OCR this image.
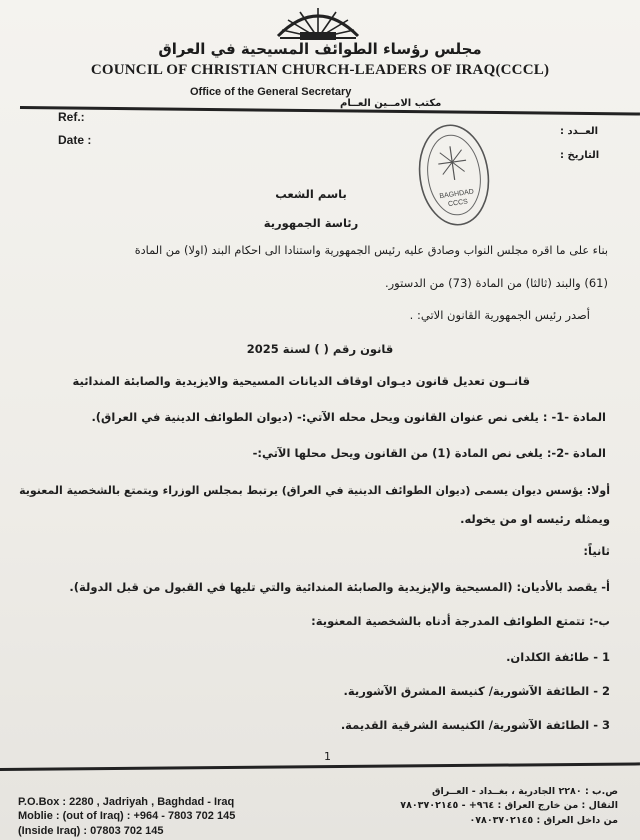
مجلس رؤساء الطوائف المسيحية في العراق
COUNCIL OF CHRISTIAN CHURCH-LEADERS OF IRAQ(CCCL)
Office of the General Secretary
مكتب الامــين العــام
Ref.:
Date :
العــدد :
التاريخ :
BAGHDAD
CCCS
باسم الشعب
رئاسة الجمهورية
بناء على ما اقره مجلس النواب وصادق عليه رئيس الجمهورية واستنادا الى احكام البند (اولا) من المادة
(61) والبند (ثالثا) من المادة (73) من الدستور.
أصدر رئيس الجمهورية القانون الاتي: .
قانون رقم ( ) لسنة 2025
قانــون تعديل قانون ديـوان اوقاف الديانات المسيحية والايزيدية والصابئة المندائية
المادة -1- : يلغى نص عنوان القانون ويحل محله الآتي:- (ديوان الطوائف الدينية في العراق).
المادة -2-: يلغى نص المادة (1) من القانون ويحل محلها الآتي:-
أولا: يؤسس ديوان يسمى (ديوان الطوائف الدينية في العراق) يرتبط بمجلس الوزراء ويتمتع بالشخصية المعنوية
ويمثله رئيسه او من يخوله.
ثانياً:
أ- يقصد بالأديان: (المسيحية والإيزيدية والصابئة المندائية والتي تليها في القبول من قبل الدولة).
ب-: تتمتع الطوائف المدرجة أدناه بالشخصية المعنوية:
1 - طائفة الكلدان.
2 - الطائفة الآشورية/ كنيسة المشرق الآشورية.
3 - الطائفة الآشورية/ الكنيسة الشرقية القديمة.
1
P.O.Box : 2280 , Jadriyah , Baghdad - Iraq
Moblie : (out of Iraq) : +964 - 7803 702 145
(Inside Iraq) : 07803 702 145
ص.ب : ٢٢٨٠ الجادرية ، بغــداد - العــراق
النقال : من خارج العراق : ٩٦٤+ - ٧٨٠٣٧٠٢١٤٥
من داخل العراق : ٠٧٨٠٣٧٠٢١٤٥
